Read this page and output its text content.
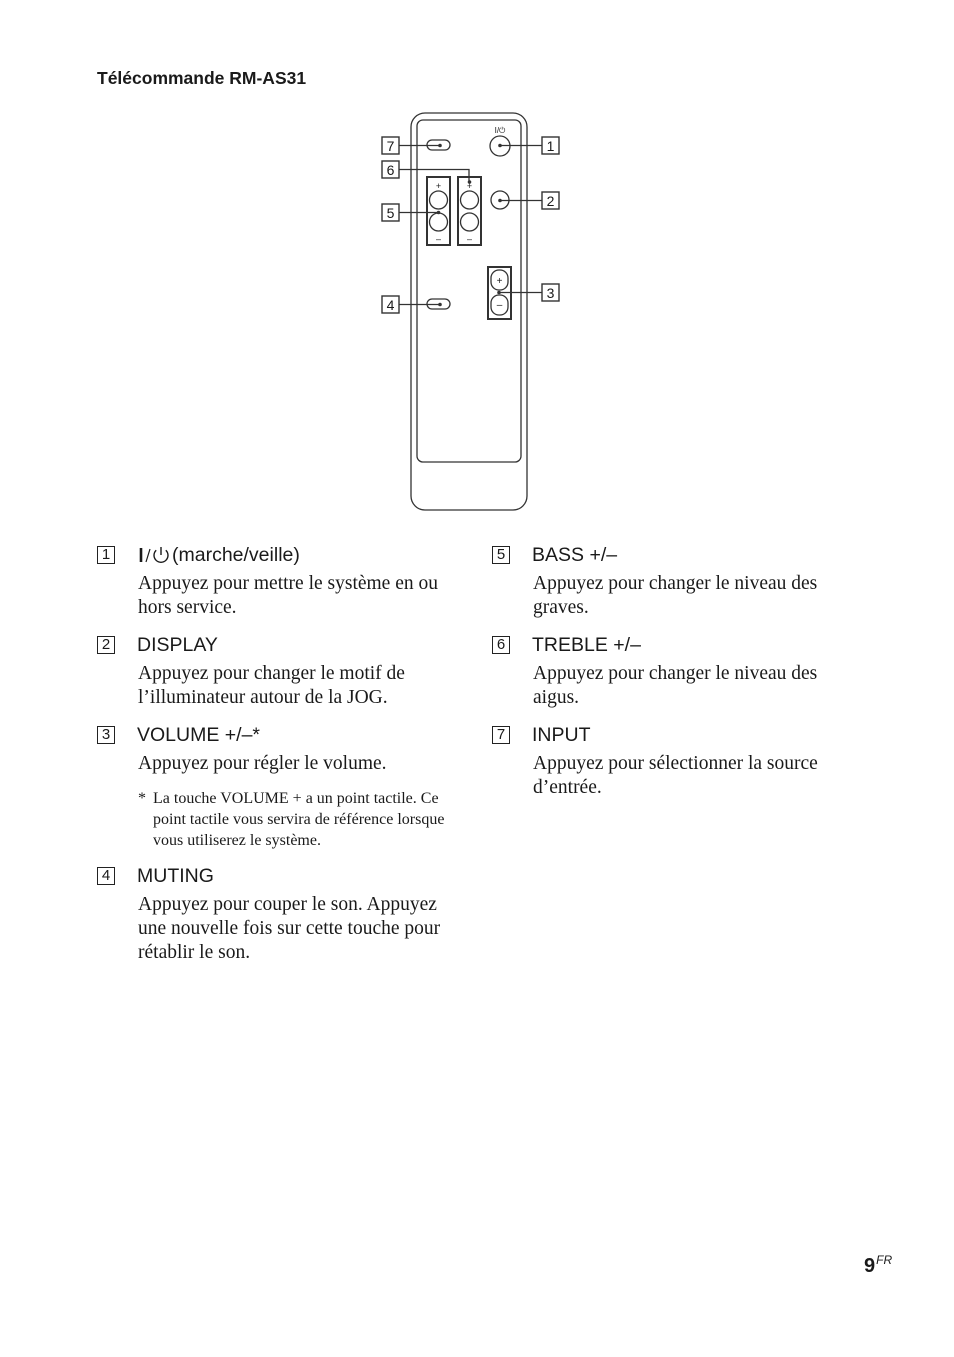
Télécommande RM-AS31
7
6
5
4
1
2
3
I/⏻
+
–
+
–
+
–
1	(marche/veille)
Appuyez pour mettre le système en ou hors service.
2 DISPLAY
Appuyez pour changer le motif de l’illuminateur autour de la JOG.
3 VOLUME +/–*
Appuyez pour régler le volume.
* La touche VOLUME + a un point tactile. Ce point tactile vous servira de référence lorsque vous utiliserez le système.
4 MUTING
Appuyez pour couper le son. Appuyez une nouvelle fois sur cette touche pour rétablir le son.
5 BASS +/–
Appuyez pour changer le niveau des graves.
6 TREBLE +/–
Appuyez pour changer le niveau des aigus.
7 INPUT
Appuyez pour sélectionner la source d’entrée.
$9^{FR}$
